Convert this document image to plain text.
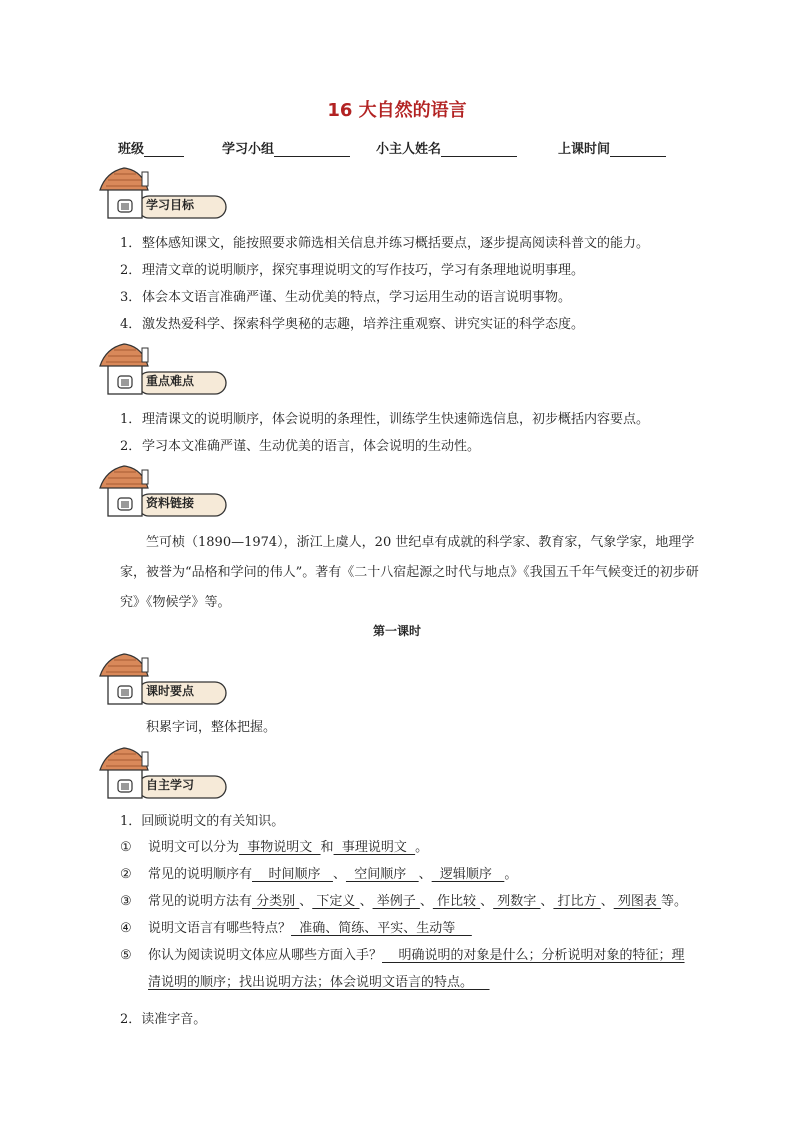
16 大自然的语言
班级	学习小组	小主人姓名	上课时间
学习目标
1．整体感知课文，能按照要求筛选相关信息并练习概括要点，逐步提高阅读科普文的能力。
2．理清文章的说明顺序，探究事理说明文的写作技巧，学习有条理地说明事理。
3．体会本文语言准确严谨、生动优美的特点，学习运用生动的语言说明事物。
4．激发热爱科学、探索科学奥秘的志趣，培养注重观察、讲究实证的科学态度。
重点难点
1．理清课文的说明顺序，体会说明的条理性，训练学生快速筛选信息，初步概括内容要点。
2．学习本文准确严谨、生动优美的语言，体会说明的生动性。
资料链接
竺可桢（1890—1974），浙江上虞人，20 世纪卓有成就的科学家、教育家，气象学家，地理学家，被誉为“品格和学问的伟人”。著有《二十八宿起源之时代与地点》《我国五千年气候变迁的初步研究》《物候学》等。
第一课时
课时要点
积累字词，整体把握。
自主学习
1．回顾说明文的有关知识。
① 说明文可以分为  事物说明文  和  事理说明文  。
② 常见的说明顺序有    时间顺序   、  空间顺序   、  逻辑顺序   。
③ 常见的说明方法有 分类别 、 下定义 、 举例子 、 作比较 、 列数字 、 打比方 、 列图表 等。
④ 说明文语言有哪些特点？  准确、简练、平实、生动等
⑤ 你认为阅读说明文体应从哪些方面入手？    明确说明的对象是什么；分析说明对象的特征；理
清说明的顺序；找出说明方法；体会说明文语言的特点。
2．读准字音。
